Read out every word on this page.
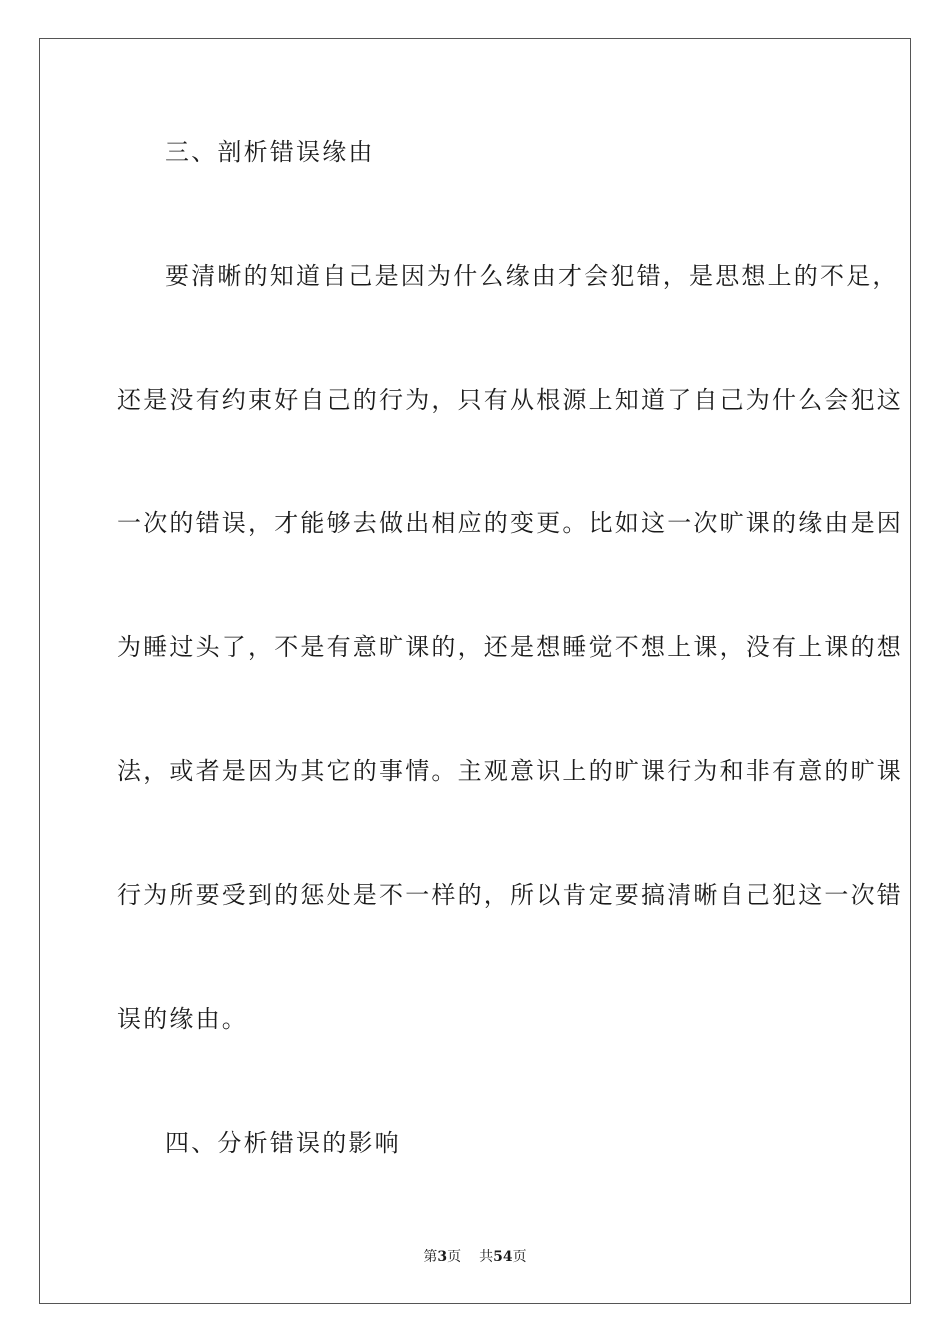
三、剖析错误缘由
要清晰的知道自己是因为什么缘由才会犯错，是思想上的不足，
还是没有约束好自己的行为，只有从根源上知道了自己为什么会犯这
一次的错误，才能够去做出相应的变更。比如这一次旷课的缘由是因
为睡过头了，不是有意旷课的，还是想睡觉不想上课，没有上课的想
法，或者是因为其它的事情。主观意识上的旷课行为和非有意的旷课
行为所要受到的惩处是不一样的，所以肯定要搞清晰自己犯这一次错
误的缘由。
四、分析错误的影响
第3页 共54页
